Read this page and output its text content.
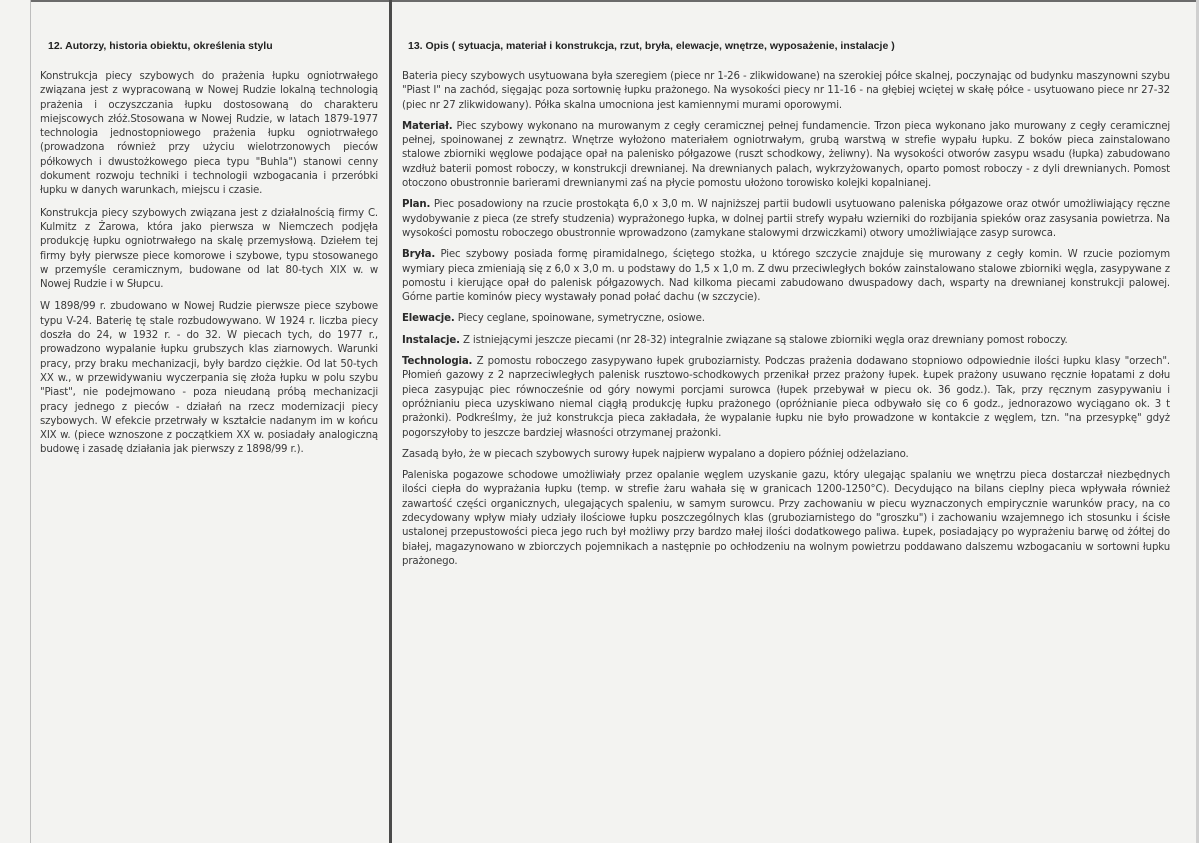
12. Autorzy, historia obiektu, określenia stylu

Konstrukcja piecy szybowych do prażenia łupku ogniotrwałego związana jest z wypracowaną w Nowej Rudzie lokalną technologią prażenia i oczyszczania łupku dostosowaną do charakteru miejscowych złóż.Stosowana w Nowej Rudzie, w latach 1879-1977 technologia jednostopniowego prażenia łupku ogniotrwałego (prowadzona również przy użyciu wielotrzonowych pieców półkowych i dwustożkowego pieca typu "Buhla") stanowi cenny dokument rozwoju techniki i technologii wzbogacania i przeróbki łupku w danych warunkach, miejscu i czasie.

Konstrukcja piecy szybowych związana jest z działalnością firmy C. Kulmitz z Żarowa, która jako pierwsza w Niemczech podjęła produkcję łupku ogniotrwałego na skalę przemysłową. Dziełem tej firmy były pierwsze piece komorowe i szybowe, typu stosowanego w przemyśle ceramicznym, budowane od lat 80-tych XIX w. w Nowej Rudzie i w Słupcu.

W 1898/99 r. zbudowano w Nowej Rudzie pierwsze piece szybowe typu V-24. Baterię tę stale rozbudowywano. W 1924 r. liczba piecy doszła do 24, w 1932 r. - do 32. W piecach tych, do 1977 r., prowadzono wypalanie łupku grubszych klas ziarnowych. Warunki pracy, przy braku mechanizacji, były bardzo ciężkie. Od lat 50-tych XX w., w przewidywaniu wyczerpania się złoża łupku w polu szybu "Piast", nie podejmowano - poza nieudaną próbą mechanizacji pracy jednego z pieców - działań na rzecz modernizacji piecy szybowych. W efekcie przetrwały w kształcie nadanym im w końcu XIX w. (piece wznoszone z początkiem XX w. posiadały analogiczną budowę i zasadę działania jak pierwszy z 1898/99 r.).

13. Opis ( sytuacja, materiał i konstrukcja, rzut, bryła, elewacje, wnętrze, wyposażenie, instalacje )

Bateria piecy szybowych usytuowana była szeregiem (piece nr 1-26 - zlikwidowane) na szerokiej półce skalnej, poczynając od budynku maszynowni szybu "Piast I" na zachód, sięgając poza sortownię łupku prażonego. Na wysokości piecy nr 11-16 - na głębiej wciętej w skałę półce - usytuowano piece nr 27-32 (piec nr 27 zlikwidowany). Półka skalna umocniona jest kamiennymi murami oporowymi.

Materiał. Piec szybowy wykonano na murowanym z cegły ceramicznej pełnej fundamencie. Trzon pieca wykonano jako murowany z cegły ceramicznej pełnej, spoinowanej z zewnątrz. Wnętrze wyłożono materiałem ogniotrwałym, grubą warstwą w strefie wypału łupku. Z boków pieca zainstalowano stalowe zbiorniki węglowe podające opał na palenisko półgazowe (ruszt schodkowy, żeliwny). Na wysokości otworów zasypu wsadu (łupka) zabudowano wzdłuż baterii pomost roboczy, w konstrukcji drewnianej. Na drewnianych palach, wykrzyżowanych, oparto pomost roboczy - z dyli drewnianych. Pomost otoczono obustronnie barierami drewnianymi zaś na płycie pomostu ułożono torowisko kolejki kopalnianej.

Plan. Piec posadowiony na rzucie prostokąta 6,0 x 3,0 m. W najniższej partii budowli usytuowano paleniska półgazowe oraz otwór umożliwiający ręczne wydobywanie z pieca (ze strefy studzenia) wyprażonego łupka, w dolnej partii strefy wypału wzierniki do rozbijania spieków oraz zasysania powietrza. Na wysokości pomostu roboczego obustronnie wprowadzono (zamykane stalowymi drzwiczkami) otwory umożliwiające zasyp surowca.

Bryła. Piec szybowy posiada formę piramidalnego, ściętego stożka, u którego szczycie znajduje się murowany z cegły komin. W rzucie poziomym wymiary pieca zmieniają się z 6,0 x 3,0 m. u podstawy do 1,5 x 1,0 m. Z dwu przeciwległych boków zainstalowano stalowe zbiorniki węgla, zasypywane z pomostu i kierujące opał do palenisk półgazowych. Nad kilkoma piecami zabudowano dwuspadowy dach, wsparty na drewnianej konstrukcji palowej. Górne partie kominów piecy wystawały ponad połać dachu (w szczycie).

Elewacje. Piecy ceglane, spoinowane, symetryczne, osiowe.

Instalacje. Z istniejącymi jeszcze piecami (nr 28-32) integralnie związane są stalowe zbiorniki węgla oraz drewniany pomost roboczy.

Technologia. Z pomostu roboczego zasypywano łupek gruboziarnisty. Podczas prażenia dodawano stopniowo odpowiednie ilości łupku klasy "orzech". Płomień gazowy z 2 naprzeciwległych palenisk rusztowo-schodkowych przenikał przez prażony łupek. Łupek prażony usuwano ręcznie łopatami z dołu pieca zasypując piec równocześnie od góry nowymi porcjami surowca (łupek przebywał w piecu ok. 36 godz.). Tak, przy ręcznym zasypywaniu i opróżnianiu pieca uzyskiwano niemal ciągłą produkcję łupku prażonego (opróżnianie pieca odbywało się co 6 godz., jednorazowo wyciągano ok. 3 t prażonki). Podkreślmy, że już konstrukcja pieca zakładała, że wypalanie łupku nie było prowadzone w kontakcie z węglem, tzn. "na przesypkę" gdyż pogorszyłoby to jeszcze bardziej własności otrzymanej prażonki.

Zasadą było, że w piecach szybowych surowy łupek najpierw wypalano a dopiero później odżelaziano.

Paleniska pogazowe schodowe umożliwiały przez opalanie węglem uzyskanie gazu, który ulegając spalaniu we wnętrzu pieca dostarczał niezbędnych ilości ciepła do wyprażania łupku (temp. w strefie żaru wahała się w granicach 1200-1250°C). Decydująco na bilans cieplny pieca wpływała również zawartość części organicznych, ulegających spaleniu, w samym surowcu. Przy zachowaniu w piecu wyznaczonych empirycznie warunków pracy, na co zdecydowany wpływ miały udziały ilościowe łupku poszczególnych klas (gruboziarnistego do "groszku") i zachowaniu wzajemnego ich stosunku i ścisłe ustalonej przepustowości pieca jego ruch był możliwy przy bardzo małej ilości dodatkowego paliwa. Łupek, posiadający po wyprażeniu barwę od żółtej do białej, magazynowano w zbiorczych pojemnikach a następnie po ochłodzeniu na wolnym powietrzu poddawano dalszemu wzbogacaniu w sortowni łupku prażonego.
